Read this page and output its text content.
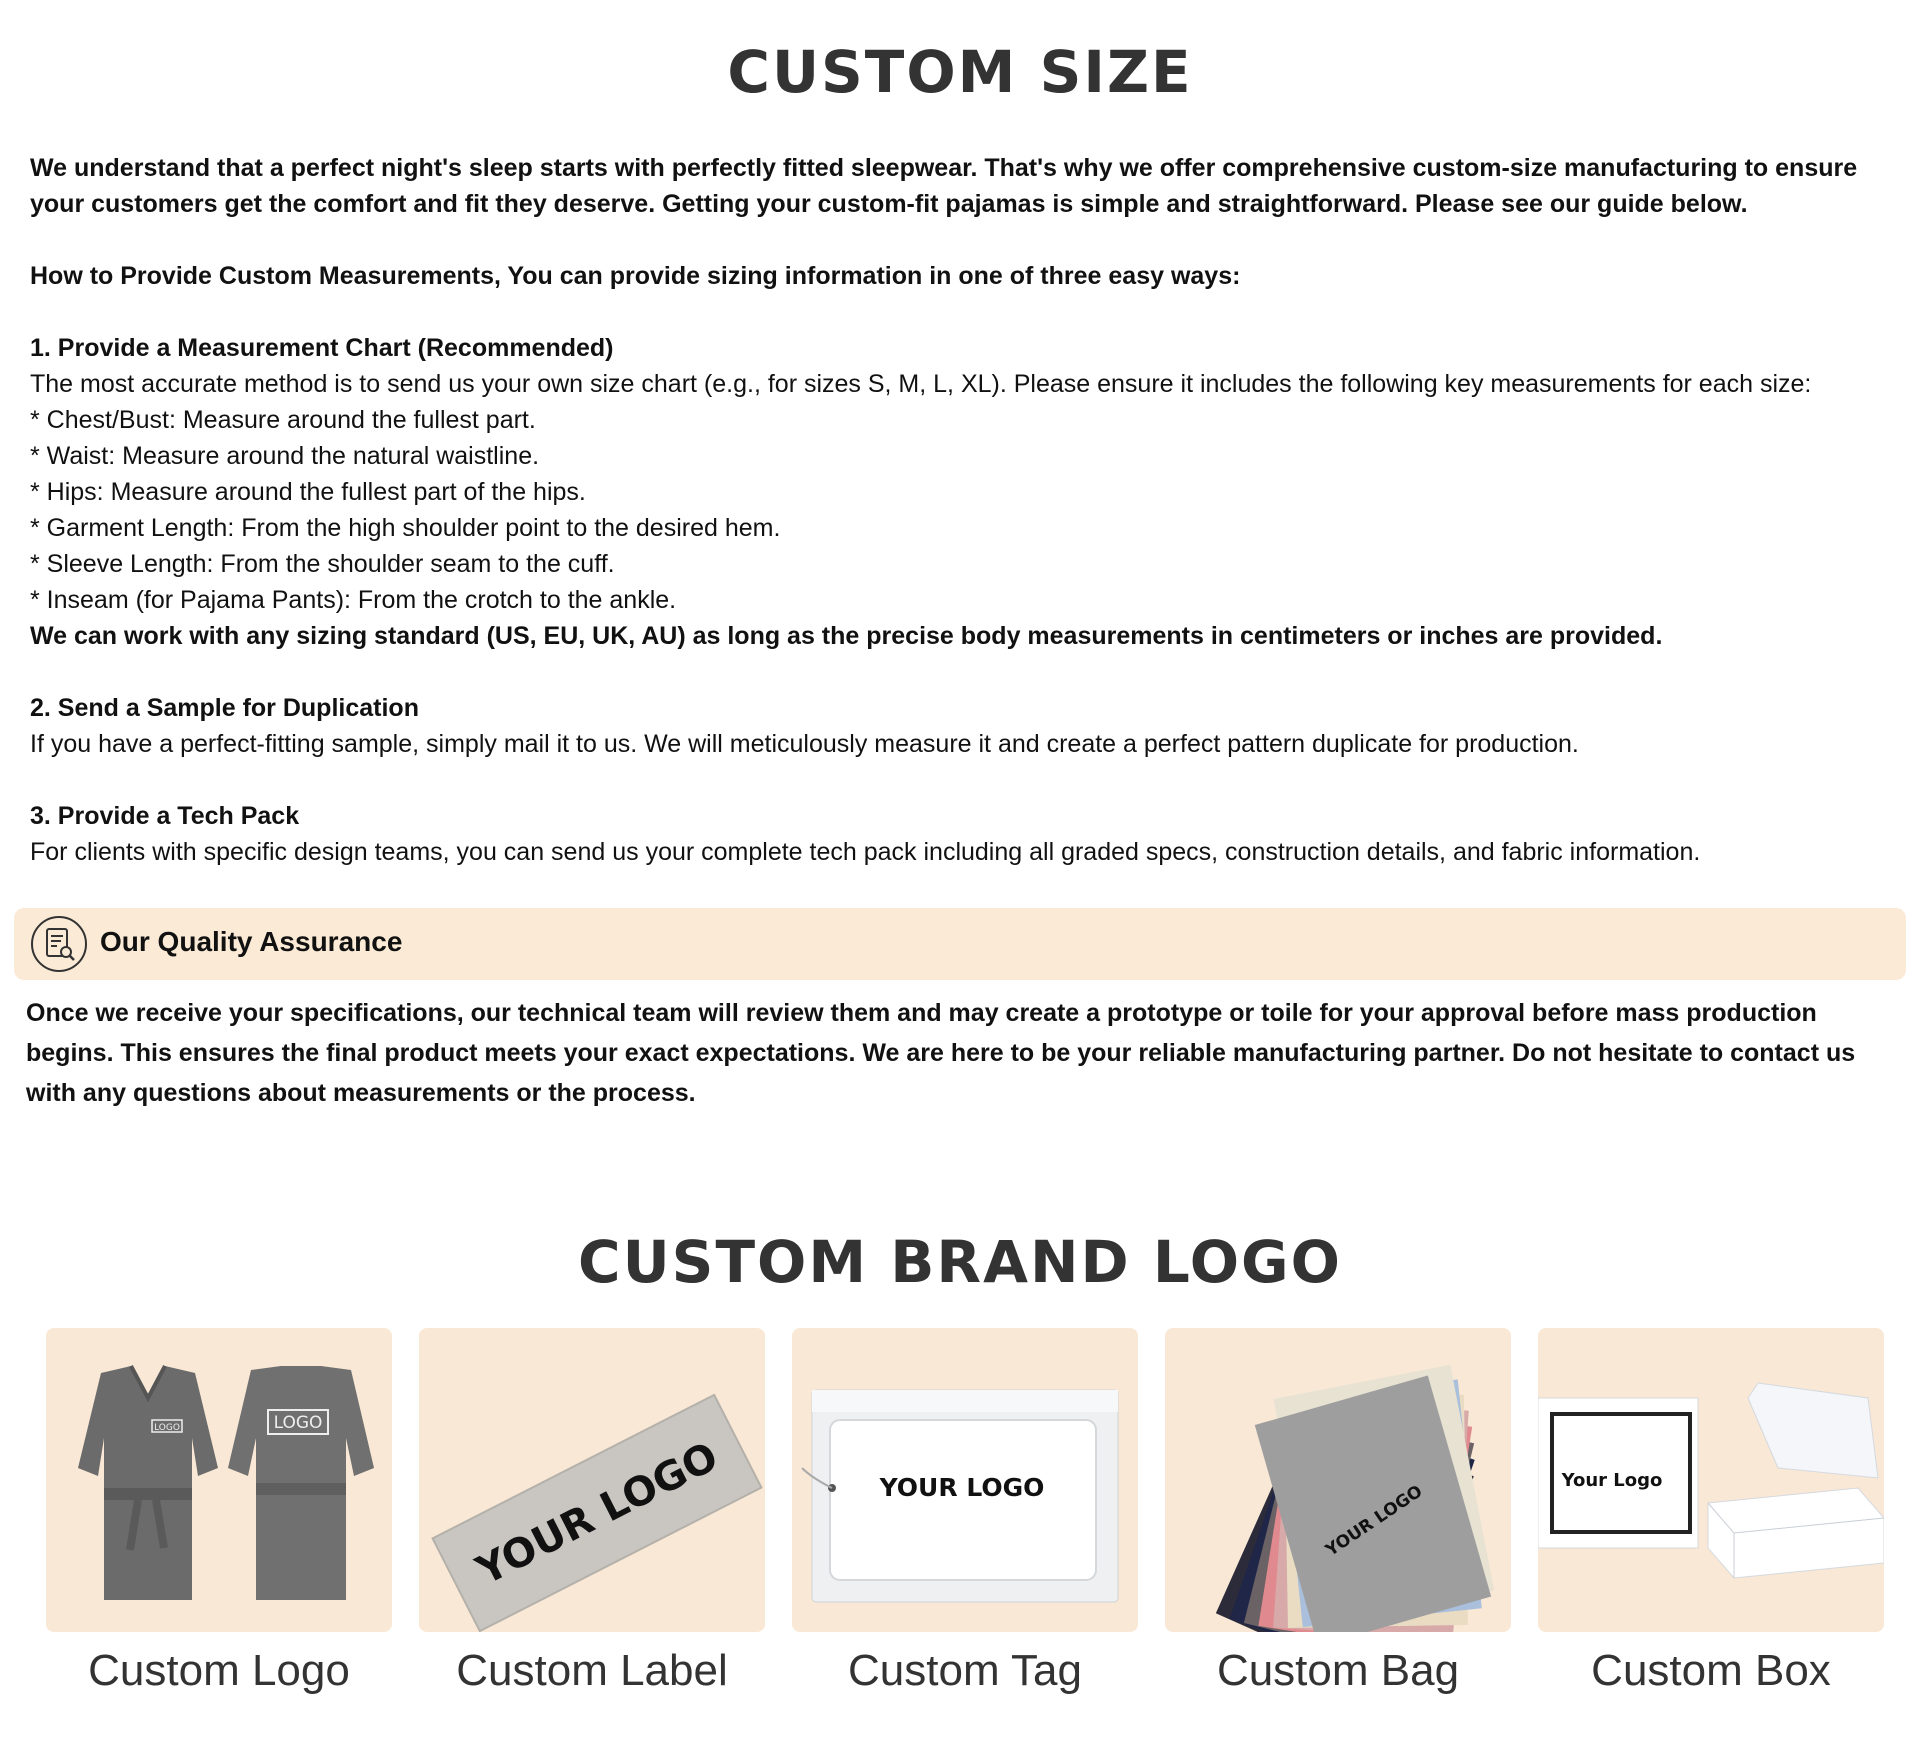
CUSTOM SIZE

We understand that a perfect night's sleep starts with perfectly fitted sleepwear. That's why we offer comprehensive custom-size manufacturing to ensure

your customers get the comfort and fit they deserve. Getting your custom-fit pajamas is simple and straightforward. Please see our guide below.

How to Provide Custom Measurements, You can provide sizing information in one of three easy ways:

1. Provide a Measurement Chart (Recommended)

The most accurate method is to send us your own size chart (e.g., for sizes S, M, L, XL). Please ensure it includes the following key measurements for each size:

* Chest/Bust: Measure around the fullest part.

* Waist: Measure around the natural waistline.

* Hips: Measure around the fullest part of the hips.

* Garment Length: From the high shoulder point to the desired hem.

* Sleeve Length: From the shoulder seam to the cuff.

* Inseam (for Pajama Pants): From the crotch to the ankle.

We can work with any sizing standard (US, EU, UK, AU) as long as the precise body measurements in centimeters or inches are provided.

2. Send a Sample for Duplication

If you have a perfect-fitting sample, simply mail it to us. We will meticulously measure it and create a perfect pattern duplicate for production.

3. Provide a Tech Pack

For clients with specific design teams, you can send us your complete tech pack including all graded specs, construction details, and fabric information.

Our Quality Assurance

Once we receive your specifications, our technical team will review them and may create a prototype or toile for your approval before mass production

begins. This ensures the final product meets your exact expectations. We are here to be your reliable manufacturing partner. Do not hesitate to contact us

with any questions about measurements or the process.

CUSTOM BRAND LOGO
LOGO	LOGO
YOUR LOGO	YOUR LOGO	YOUR LOGO
Your Logo
Custom Logo	Custom Label	Custom Tag	Custom Bag	Custom Box
